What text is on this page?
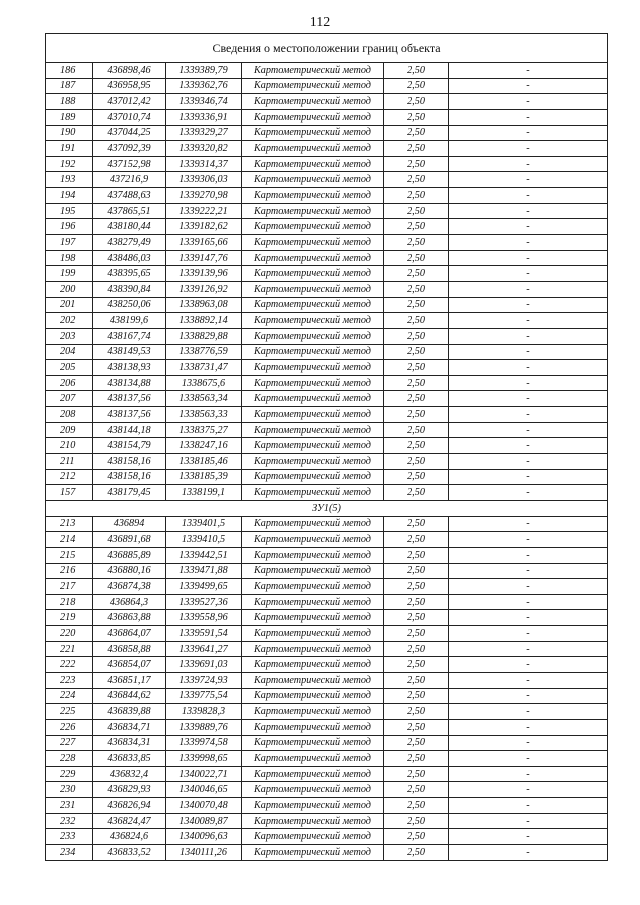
112
Сведения о местоположении границ объекта					
186	436898,46	1339389,79	Картометрический метод	2,50	-
187	436958,95	1339362,76	Картометрический метод	2,50	-
188	437012,42	1339346,74	Картометрический метод	2,50	-
189	437010,74	1339336,91	Картометрический метод	2,50	-
190	437044,25	1339329,27	Картометрический метод	2,50	-
191	437092,39	1339320,82	Картометрический метод	2,50	-
192	437152,98	1339314,37	Картометрический метод	2,50	-
193	437216,9	1339306,03	Картометрический метод	2,50	-
194	437488,63	1339270,98	Картометрический метод	2,50	-
195	437865,51	1339222,21	Картометрический метод	2,50	-
196	438180,44	1339182,62	Картометрический метод	2,50	-
197	438279,49	1339165,66	Картометрический метод	2,50	-
198	438486,03	1339147,76	Картометрический метод	2,50	-
199	438395,65	1339139,96	Картометрический метод	2,50	-
200	438390,84	1339126,92	Картометрический метод	2,50	-
201	438250,06	1338963,08	Картометрический метод	2,50	-
202	438199,6	1338892,14	Картометрический метод	2,50	-
203	438167,74	1338829,88	Картометрический метод	2,50	-
204	438149,53	1338776,59	Картометрический метод	2,50	-
205	438138,93	1338731,47	Картометрический метод	2,50	-
206	438134,88	1338675,6	Картометрический метод	2,50	-
207	438137,56	1338563,34	Картометрический метод	2,50	-
208	438137,56	1338563,33	Картометрический метод	2,50	-
209	438144,18	1338375,27	Картометрический метод	2,50	-
210	438154,79	1338247,16	Картометрический метод	2,50	-
211	438158,16	1338185,46	Картометрический метод	2,50	-
212	438158,16	1338185,39	Картометрический метод	2,50	-
157	438179,45	1338199,1	Картометрический метод	2,50	-
ЗУ1(5)					
213	436894	1339401,5	Картометрический метод	2,50	-
214	436891,68	1339410,5	Картометрический метод	2,50	-
215	436885,89	1339442,51	Картометрический метод	2,50	-
216	436880,16	1339471,88	Картометрический метод	2,50	-
217	436874,38	1339499,65	Картометрический метод	2,50	-
218	436864,3	1339527,36	Картометрический метод	2,50	-
219	436863,88	1339558,96	Картометрический метод	2,50	-
220	436864,07	1339591,54	Картометрический метод	2,50	-
221	436858,88	1339641,27	Картометрический метод	2,50	-
222	436854,07	1339691,03	Картометрический метод	2,50	-
223	436851,17	1339724,93	Картометрический метод	2,50	-
224	436844,62	1339775,54	Картометрический метод	2,50	-
225	436839,88	1339828,3	Картометрический метод	2,50	-
226	436834,71	1339889,76	Картометрический метод	2,50	-
227	436834,31	1339974,58	Картометрический метод	2,50	-
228	436833,85	1339998,65	Картометрический метод	2,50	-
229	436832,4	1340022,71	Картометрический метод	2,50	-
230	436829,93	1340046,65	Картометрический метод	2,50	-
231	436826,94	1340070,48	Картометрический метод	2,50	-
232	436824,47	1340089,87	Картометрический метод	2,50	-
233	436824,6	1340096,63	Картометрический метод	2,50	-
234	436833,52	1340111,26	Картометрический метод	2,50	-
